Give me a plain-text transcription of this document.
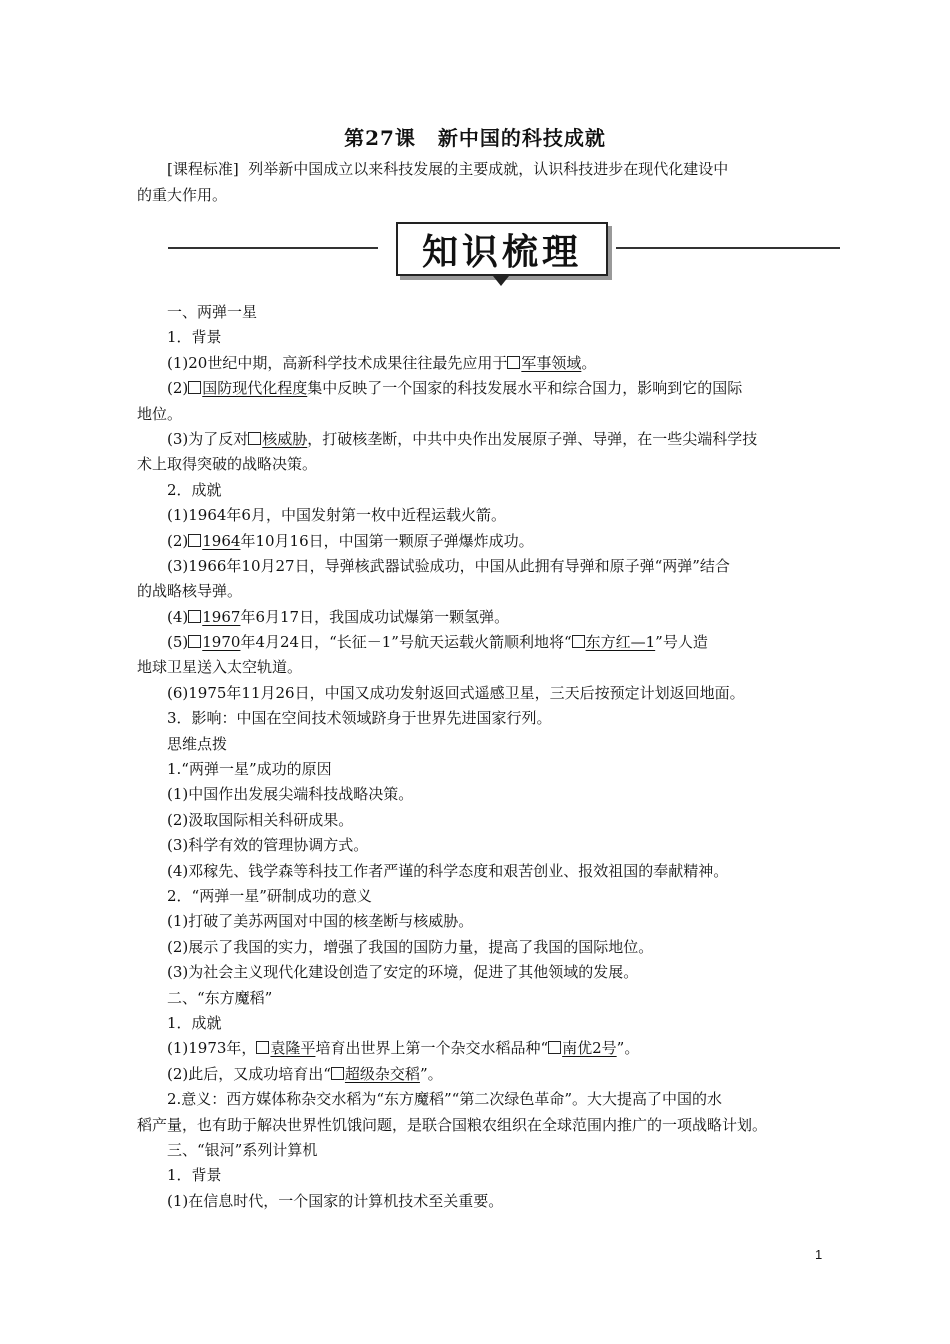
第27课 新中国的科技成就
[课程标准] 列举新中国成立以来科技发展的主要成就，认识科技进步在现代化建设中
的重大作用。
知识梳理
一、两弹一星
1．背景
(1)20世纪中期，高新科学技术成果往往最先应用于 军事领域。
(2) 国防现代化程度集中反映了一个国家的科技发展水平和综合国力，影响到它的国际
地位。
(3)为了反对 核威胁，打破核垄断，中共中央作出发展原子弹、导弹，在一些尖端科学技
术上取得突破的战略决策。
2．成就
(1)1964年6月，中国发射第一枚中近程运载火箭。
(2) 1964年10月16日，中国第一颗原子弹爆炸成功。
(3)1966年10月27日，导弹核武器试验成功，中国从此拥有导弹和原子弹“两弹”结合
的战略核导弹。
(4) 1967年6月17日，我国成功试爆第一颗氢弹。
(5) 1970年4月24日，“长征－1”号航天运载火箭顺利地将“ 东方红—1”号人造
地球卫星送入太空轨道。
(6)1975年11月26日，中国又成功发射返回式遥感卫星，三天后按预定计划返回地面。
3．影响：中国在空间技术领域跻身于世界先进国家行列。
思维点拨
1.“两弹一星”成功的原因
(1)中国作出发展尖端科技战略决策。
(2)汲取国际相关科研成果。
(3)科学有效的管理协调方式。
(4)邓稼先、钱学森等科技工作者严谨的科学态度和艰苦创业、报效祖国的奉献精神。
2．“两弹一星”研制成功的意义
(1)打破了美苏两国对中国的核垄断与核威胁。
(2)展示了我国的实力，增强了我国的国防力量，提高了我国的国际地位。
(3)为社会主义现代化建设创造了安定的环境，促进了其他领域的发展。
二、“东方魔稻”
1．成就
(1)1973年， 袁隆平培育出世界上第一个杂交水稻品种“ 南优2号”。
(2)此后，又成功培育出“ 超级杂交稻”。
2.意义：西方媒体称杂交水稻为“东方魔稻”“第二次绿色革命”。大大提高了中国的水
稻产量，也有助于解决世界性饥饿问题，是联合国粮农组织在全球范围内推广的一项战略计划。
三、“银河”系列计算机
1．背景
(1)在信息时代，一个国家的计算机技术至关重要。
1
